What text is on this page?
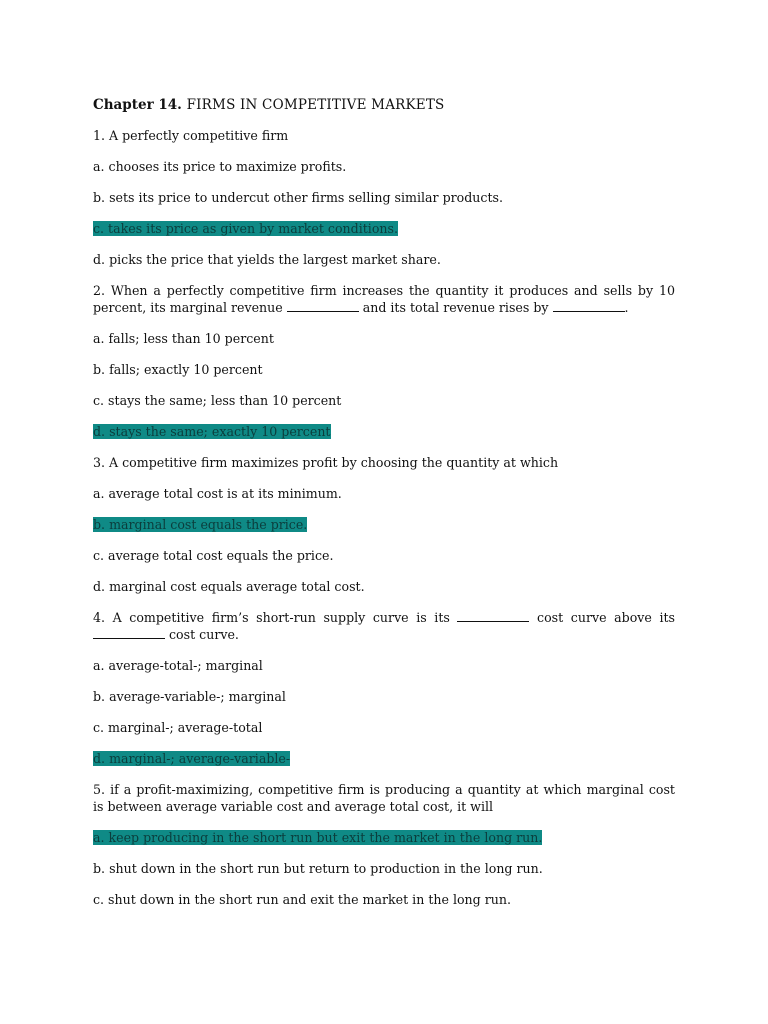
Chapter 14. FIRMS IN COMPETITIVE MARKETS
1. A perfectly competitive firm
a. chooses its price to maximize profits.
b. sets its price to undercut other firms selling similar products.
c. takes its price as given by market conditions.
d. picks the price that yields the largest market share.
2. When a perfectly competitive firm increases the quantity it produces and sells by 10 percent, its marginal revenue	and its total revenue rises by	.
a. falls; less than 10 percent
b. falls; exactly 10 percent
c. stays the same; less than 10 percent
d. stays the same; exactly 10 percent
3. A competitive firm maximizes profit by choosing the quantity at which
a. average total cost is at its minimum.
b. marginal cost equals the price.
c. average total cost equals the price.
d. marginal cost equals average total cost.
4. A competitive firm’s short-run supply curve is its	cost curve above its  cost curve.
a. average-total-; marginal
b. average-variable-; marginal
c. marginal-; average-total
d. marginal-; average-variable-
5. if a profit-maximizing, competitive firm is producing a quantity at which marginal cost is between average variable cost and average total cost, it will
a. keep producing in the short run but exit the market in the long run.
b. shut down in the short run but return to production in the long run.
c. shut down in the short run and exit the market in the long run.
